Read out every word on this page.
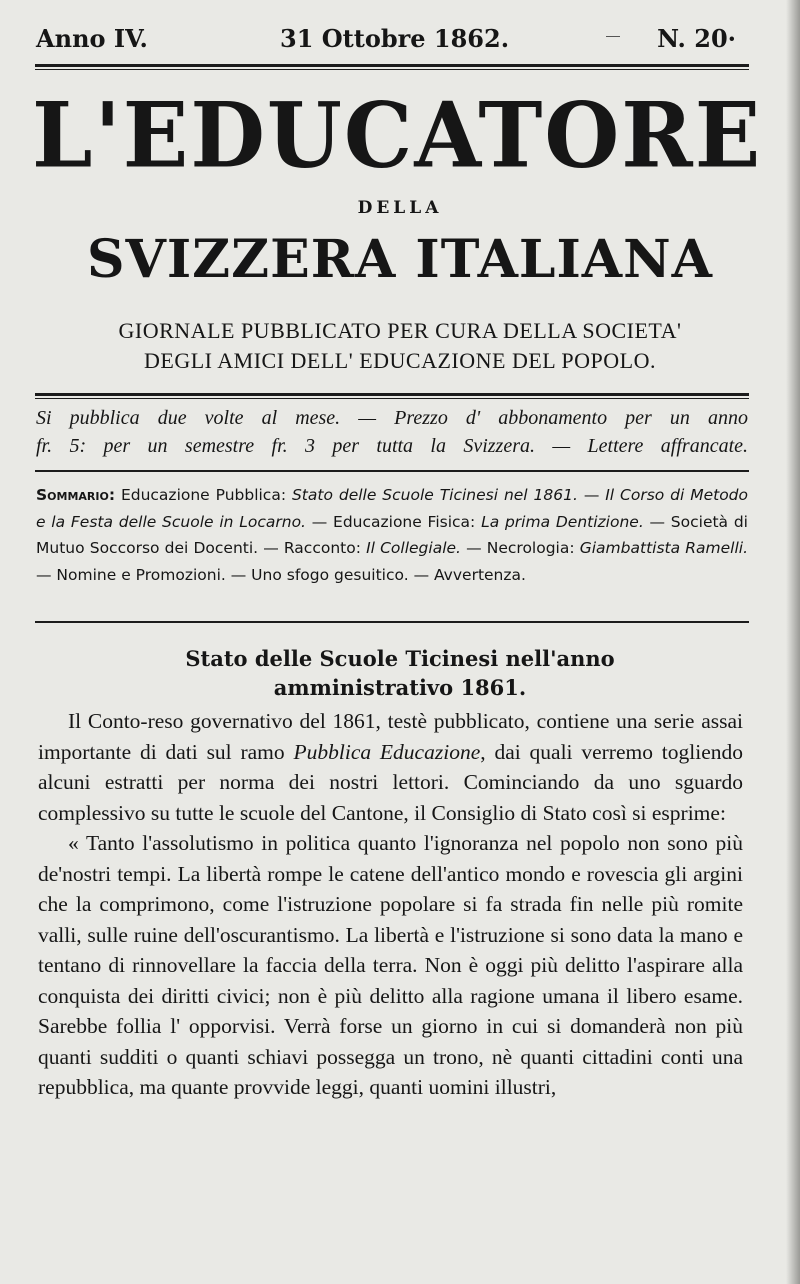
Anno IV.	31 Ottobre 1862.	N. 20·
L'EDUCATORE
DELLA
SVIZZERA ITALIANA
GIORNALE PUBBLICATO PER CURA DELLA SOCIETA'
DEGLI AMICI DELL' EDUCAZIONE DEL POPOLO.

Si pubblica due volte al mese. — Prezzo d' abbonamento per un anno

fr. 5: per un semestre fr. 3 per tutta la Svizzera. — Lettere affrancate.

Sommario: Educazione Pubblica: Stato delle Scuole Ticinesi nel 1861. — Il Corso di Metodo e la Festa delle Scuole in Locarno. — Educazione Fisica: La prima Dentizione. — Società di Mutuo Soccorso dei Docenti. — Racconto: Il Collegiale. — Necrologia: Giambattista Ramelli. — Nomine e Promozioni. — Uno sfogo gesuitico. — Avvertenza.
Stato delle Scuole Ticinesi nell'anno
amministrativo 1861.

Il Conto-reso governativo del 1861, testè pubblicato, contiene una serie assai importante di dati sul ramo Pubblica Educazione, dai quali verremo togliendo alcuni estratti per norma dei nostri lettori. Cominciando da uno sguardo complessivo su tutte le scuole del Cantone, il Consiglio di Stato così si esprime:

« Tanto l'assolutismo in politica quanto l'ignoranza nel popolo non sono più de'nostri tempi. La libertà rompe le catene dell'antico mondo e rovescia gli argini che la comprimono, come l'istruzione popolare si fa strada fin nelle più romite valli, sulle ruine dell'oscurantismo. La libertà e l'istruzione si sono data la mano e tentano di rinnovellare la faccia della terra. Non è oggi più delitto l'aspirare alla conquista dei diritti civici; non è più delitto alla ragione umana il libero esame. Sarebbe follia l' opporvisi. Verrà forse un giorno in cui si domanderà non più quanti sudditi o quanti schiavi possegga un trono, nè quanti cittadini conti una repubblica, ma quante provvide leggi, quanti uomini illustri,
